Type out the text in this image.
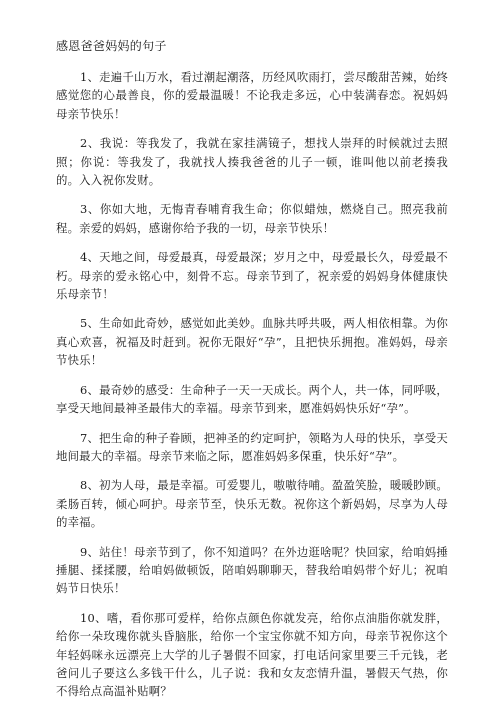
感恩爸爸妈妈的句子

1、走遍千山万水，看过潮起潮落，历经风吹雨打，尝尽酸甜苦辣，始终感觉您的心最善良，你的爱最温暖！不论我走多远，心中装满春恋。祝妈妈母亲节快乐！

2、我说：等我发了，我就在家挂满镜子，想找人崇拜的时候就过去照照；你说：等我发了，我就找人揍我爸爸的儿子一顿，谁叫他以前老揍我的。入入祝你发财。

3、你如大地，无悔青春哺育我生命；你似蜡烛，燃烧自己。照亮我前程。亲爱的妈妈，感谢你给予我的一切，母亲节快乐！

4、天地之间，母爱最真，母爱最深；岁月之中，母爱最长久，母爱最不朽。母亲的爱永铭心中，刻骨不忘。母亲节到了，祝亲爱的妈妈身体健康快乐母亲节！

5、生命如此奇妙，感觉如此美妙。血脉共呼共吸，两人相依相靠。为你真心欢喜，祝福及时赶到。祝你无限好“孕”，且把快乐拥抱。准妈妈，母亲节快乐！

6、最奇妙的感受：生命种子一天一天成长。两个人，共一体，同呼吸，享受天地间最神圣最伟大的幸福。母亲节到来，愿准妈妈快乐好“孕”。

7、把生命的种子眷顾，把神圣的约定呵护，领略为人母的快乐，享受天地间最大的幸福。母亲节来临之际，愿准妈妈多保重，快乐好“孕”。

8、初为人母，最是幸福。可爱婴儿，嗷嗷待哺。盈盈笑脸，暖暖眇顾。柔肠百转，倾心呵护。母亲节至，快乐无数。祝你这个新妈妈，尽享为人母的幸福。

9、站住！母亲节到了，你不知道吗？在外边逛啥呢？快回家，给咱妈捶捶腿、揉揉腰，给咱妈做顿饭，陪咱妈聊聊天，替我给咱妈带个好儿；祝咱妈节日快乐！

10、嗜，看你那可爱样，给你点颜色你就发亮，给你点油脂你就发胖，给你一朵玫瑰你就头昏脑胀，给你一个宝宝你就不知方向，母亲节祝你这个年轻妈咪永远漂亮上大学的儿子暑假不回家，打电话问家里要三千元钱，老爸问儿子要这么多钱干什么，儿子说：我和女友恋情升温，暑假天气热，你不得给点高温补贴啊？
